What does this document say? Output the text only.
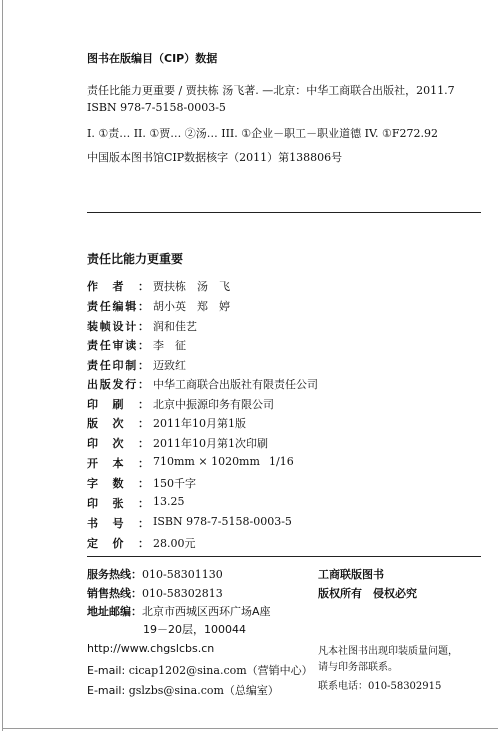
图书在版编目（CIP）数据
责任比能力更重要 / 贾扶栋 汤飞著. —北京：中华工商联合出版社，2011.7
ISBN 978-7-5158-0003-5
I. ①责… II. ①贾… ②汤… III. ①企业－职工－职业道德 IV. ①F272.92
中国版本图书馆CIP数据核字（2011）第138806号
责任比能力更重要
作者： 贾扶栋　汤　飞
责任编辑： 胡小英　郑　婷
装帧设计： 润和佳艺
责任审读： 李　征
责任印制： 迈致红
出版发行： 中华工商联合出版社有限责任公司
印刷： 北京中振源印务有限公司
版次： 2011年10月第1版
印次： 2011年10月第1次印刷
开本： 710mm × 1020mm 1/16
字数： 150千字
印张： 13.25
书号： ISBN 978-7-5158-0003-5
定价： 28.00元
服务热线：010-58301130
销售热线：010-58302813
地址邮编：北京市西城区西环广场A座
19－20层，100044
http://www.chgslcbs.cn
E-mail: cicap1202@sina.com（营销中心）
E-mail: gslzbs@sina.com（总编室）
工商联版图书
版权所有　侵权必究
凡本社图书出现印装质量问题，
请与印务部联系。
联系电话：010-58302915
